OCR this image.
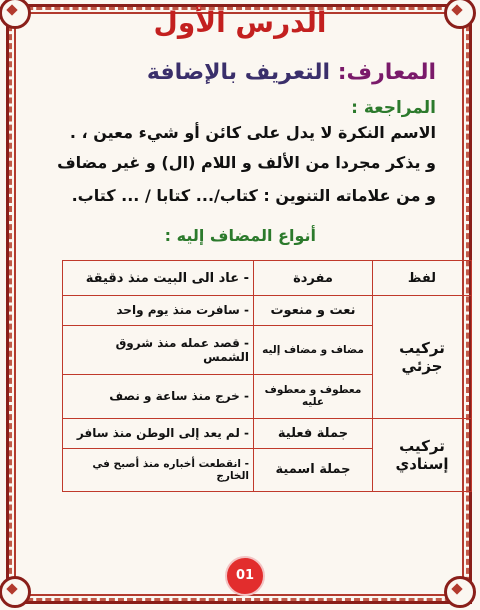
الدرس الأول
المعارف: التعريف بالإضافة
المراجعة :
الاسم النكرة لا يدل على كائن أو شيء معين ، .
و يذكر مجردا من الألف و اللام (ال) و غير مضاف
و من علاماته التنوين : كتاب/... كتابا / ... كتاب.
أنواع المضاف إليه :
لفظ	مفردة	- عاد الى البيت منذ دقيقة
تركيب جزئي	نعت و منعوت	- سافرت منذ يوم واحد
	مضاف و مضاف إليه	- قصد عمله منذ شروق الشمس
	معطوف و معطوف عليه	- خرج منذ ساعة و نصف
تركيب إسنادي	جملة فعلية	- لم يعد إلى الوطن منذ سافر
	جملة اسمية	- انقطعت أخباره منذ أصبح في الخارج
01
